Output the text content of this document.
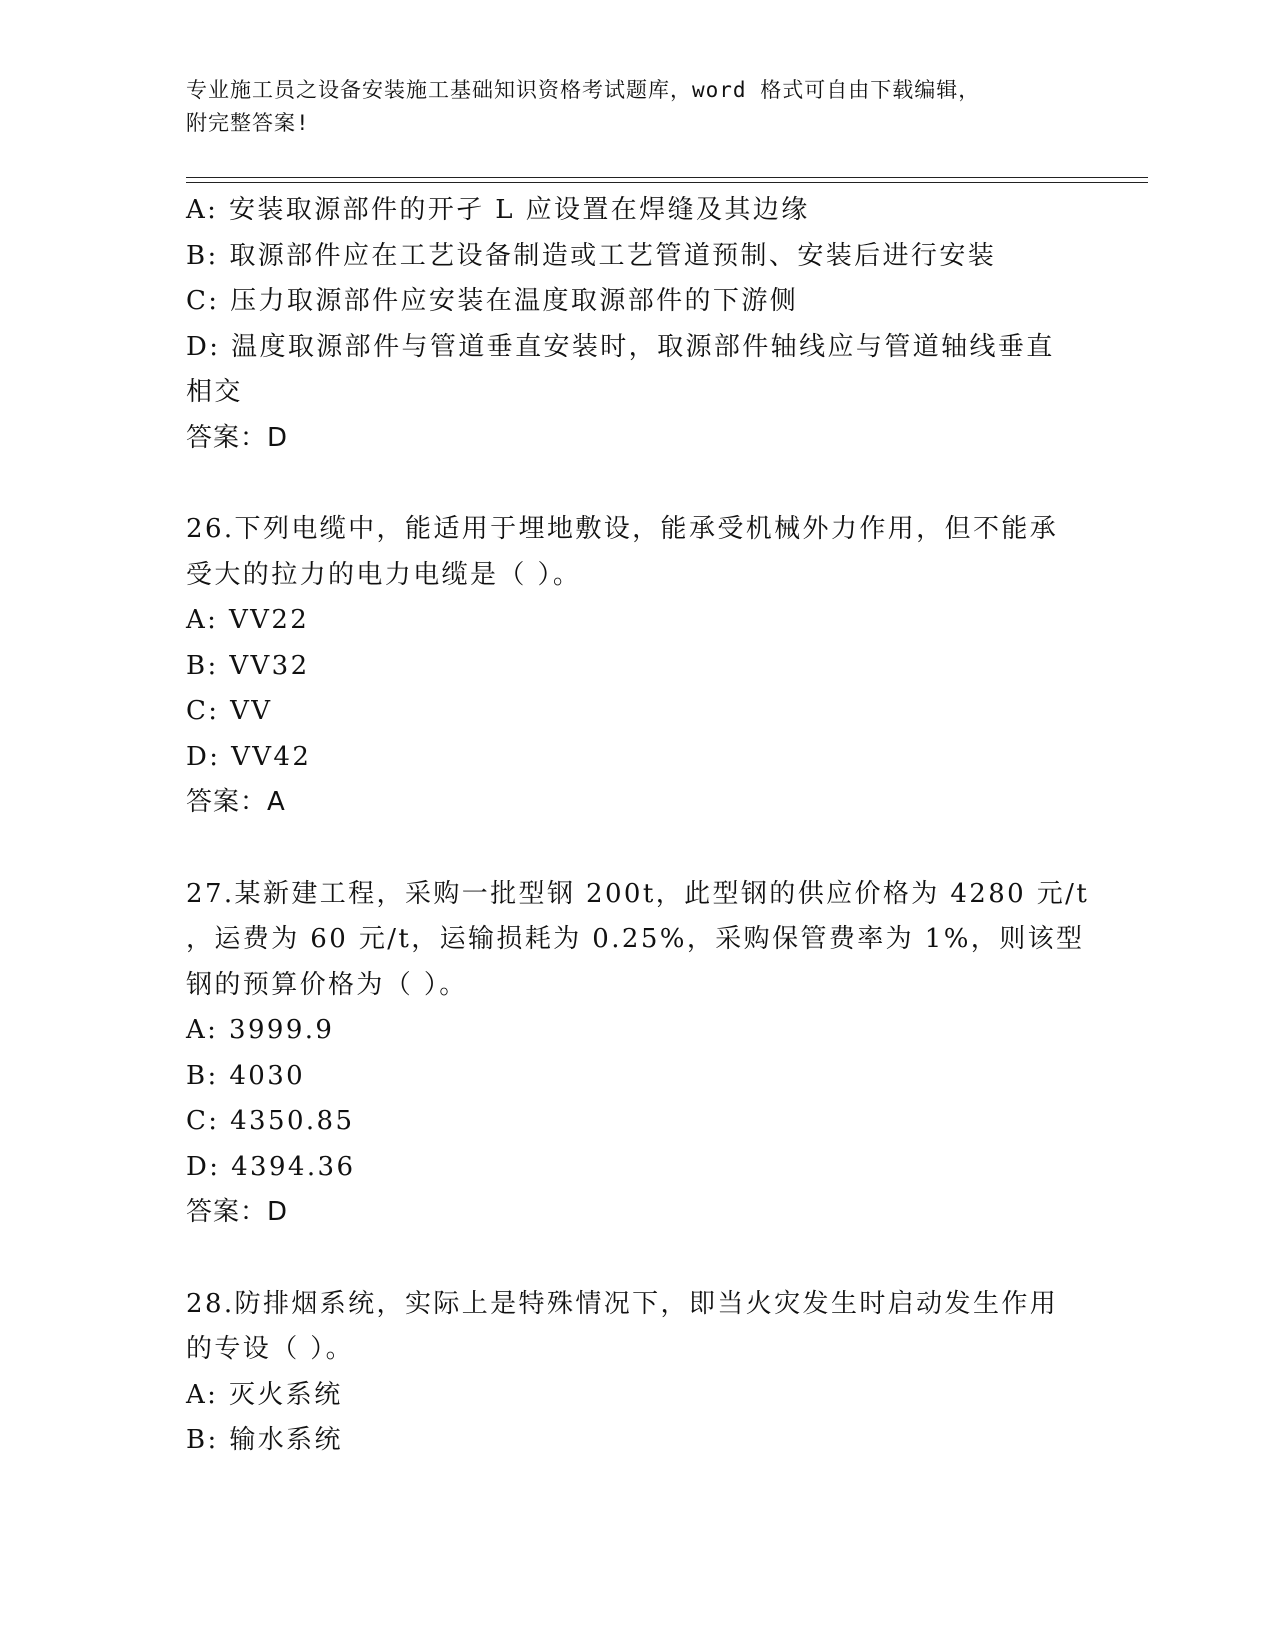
专业施工员之设备安装施工基础知识资格考试题库，word 格式可自由下载编辑，
附完整答案!
A: 安装取源部件的开孑 L 应设置在焊缝及其边缘
B: 取源部件应在工艺设备制造或工艺管道预制、安装后进行安装
C: 压力取源部件应安装在温度取源部件的下游侧
D: 温度取源部件与管道垂直安装时，取源部件轴线应与管道轴线垂直
相交
答案：D
26.下列电缆中，能适用于埋地敷设，能承受机械外力作用，但不能承
受大的拉力的电力电缆是（ ）。
A: VV22
B: VV32
C: VV
D: VV42
答案：A
27.某新建工程，采购一批型钢 200t，此型钢的供应价格为 4280 元/t
，运费为 60 元/t，运输损耗为 0.25%，采购保管费率为 1%，则该型
钢的预算价格为（ ）。
A: 3999.9
B: 4030
C: 4350.85
D: 4394.36
答案：D
28.防排烟系统，实际上是特殊情况下，即当火灾发生时启动发生作用
的专设（ ）。
A: 灭火系统
B: 输水系统
